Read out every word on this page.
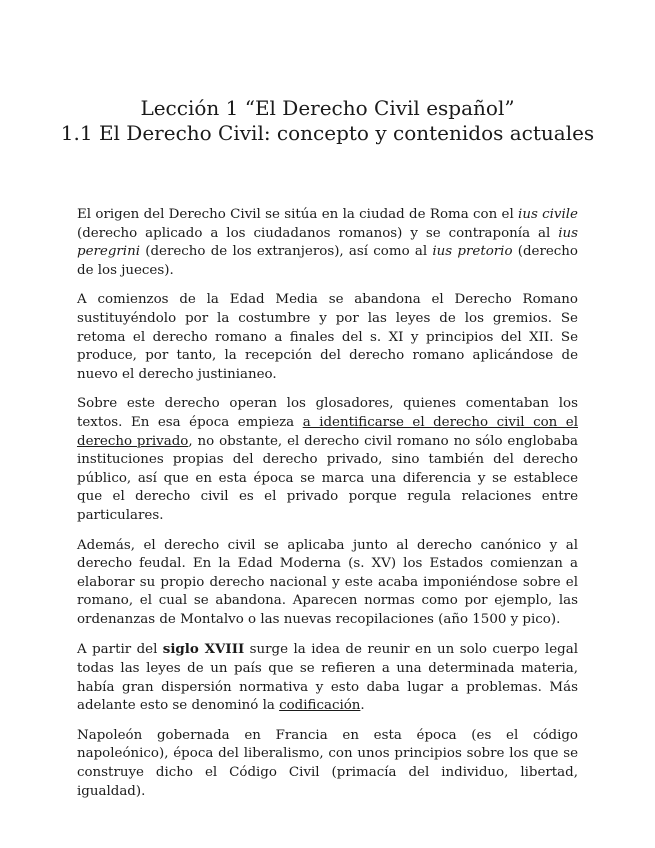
Lección 1 “El Derecho Civil español”
1.1 El Derecho Civil: concepto y contenidos actuales

El origen del Derecho Civil se sitúa en la ciudad de Roma con el ius civile (derecho aplicado a los ciudadanos romanos) y se contraponía al ius peregrini (derecho de los extranjeros), así como al ius pretorio (derecho de los jueces).

A comienzos de la Edad Media se abandona el Derecho Romano sustituyéndolo por la costumbre y por las leyes de los gremios. Se retoma el derecho romano a finales del s. XI y principios del XII. Se produce, por tanto, la recepción del derecho romano aplicándose de nuevo el derecho justinianeo.

Sobre este derecho operan los glosadores, quienes comentaban los textos. En esa época empieza a identificarse el derecho civil con el derecho privado, no obstante, el derecho civil romano no sólo englobaba instituciones propias del derecho privado, sino también del derecho público, así que en esta época se marca una diferencia y se establece que el derecho civil es el privado porque regula relaciones entre particulares.

Además, el derecho civil se aplicaba junto al derecho canónico y al derecho feudal. En la Edad Moderna (s. XV) los Estados comienzan a elaborar su propio derecho nacional y este acaba imponiéndose sobre el romano, el cual se abandona. Aparecen normas como por ejemplo, las ordenanzas de Montalvo o las nuevas recopilaciones (año 1500 y pico).

A partir del siglo XVIII surge la idea de reunir en un solo cuerpo legal todas las leyes de un país que se refieren a una determinada materia, había gran dispersión normativa y esto daba lugar a problemas. Más adelante esto se denominó la codificación.

Napoleón gobernada en Francia en esta época (es el código napoleónico), época del liberalismo, con unos principios sobre los que se construye dicho el Código Civil (primacía del individuo, libertad, igualdad).
